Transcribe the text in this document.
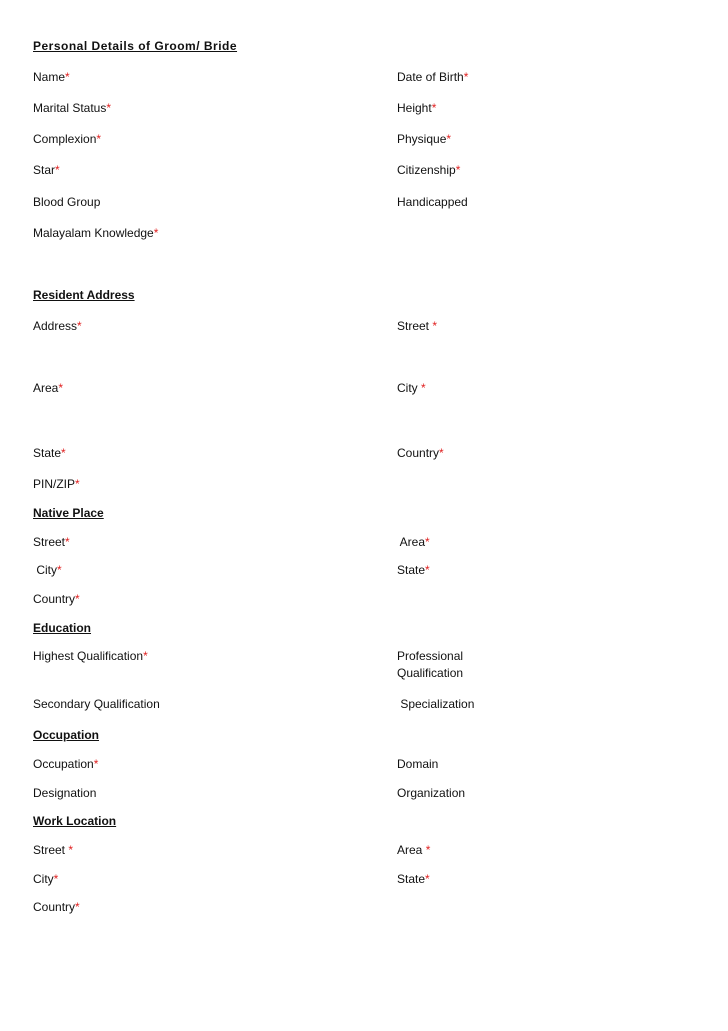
Personal Details of Groom/ Bride
Name*	Date of Birth*
Marital Status*	Height*
Complexion*	Physique*
Star*	Citizenship*
Blood Group	Handicapped
Malayalam Knowledge*
Resident Address
Address*	Street *
Area*	City *
State*	Country*
PIN/ZIP*
Native Place
Street*	Area*
City*	State*
Country*
Education
Highest Qualification*	Professional Qualification
Secondary Qualification	Specialization
Occupation
Occupation*	Domain
Designation	Organization
Work Location
Street *	Area *
City*	State*
Country*
